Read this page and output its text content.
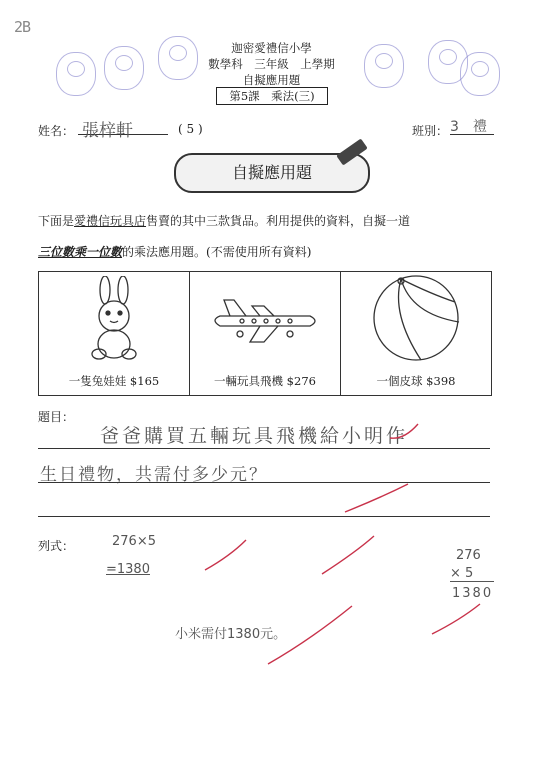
2B
迦密愛禮信小學
數學科　三年級　上學期
自擬應用題
第5課　乘法(三)
姓名： 張梓軒	( 5 )	班別： 3　禮
自擬應用題
下面是愛禮信玩具店售賣的其中三款貨品。利用提供的資料，自擬一道
三位數乘一位數的乘法應用題。(不需使用所有資料)
一隻兔娃娃 $165	一輛玩具飛機 $276	一個皮球 $398
題目：
爸爸購買五輛玩具飛機給小明作
生日禮物，共需付多少元？
列式：	276×5
=1380
276
× 5
1380
小米需付1380元。
